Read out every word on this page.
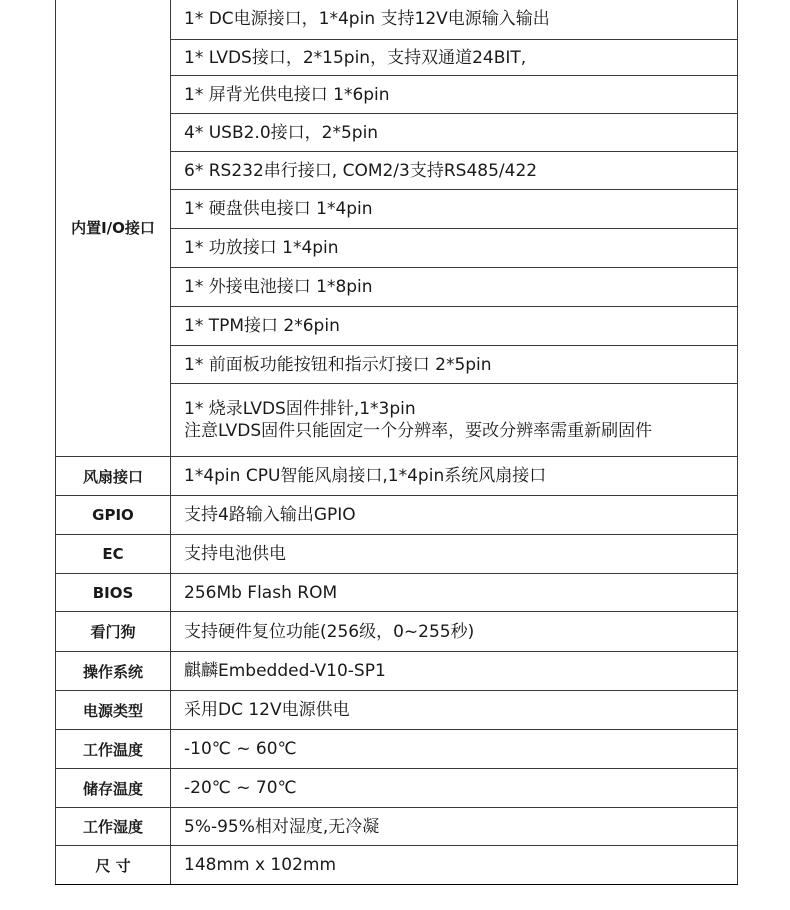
内置I/O接口	1* DC电源接口，1*4pin 支持12V电源输入输出

	1* LVDS接口，2*15pin，支持双通道24BIT,

	1* 屏背光供电接口 1*6pin

	4* USB2.0接口，2*5pin

	6* RS232串行接口, COM2/3支持RS485/422

	1* 硬盘供电接口 1*4pin

	1* 功放接口 1*4pin

	1* 外接电池接口 1*8pin

	1* TPM接口 2*6pin

	1* 前面板功能按钮和指示灯接口 2*5pin

	1* 烧录LVDS固件排针,1*3pin
注意LVDS固件只能固定一个分辨率，要改分辨率需重新刷固件

风扇接口	1*4pin CPU智能风扇接口,1*4pin系统风扇接口
GPIO	支持4路输入输出GPIO
EC	支持电池供电
BIOS	256Mb Flash ROM
看门狗	支持硬件复位功能(256级，0~255秒)
操作系统	麒麟Embedded-V10-SP1
电源类型	采用DC 12V电源供电
工作温度	-10℃ ~ 60℃
储存温度	-20℃ ~ 70℃
工作湿度	5%-95%相对湿度,无冷凝
尺 寸	148mm x 102mm
